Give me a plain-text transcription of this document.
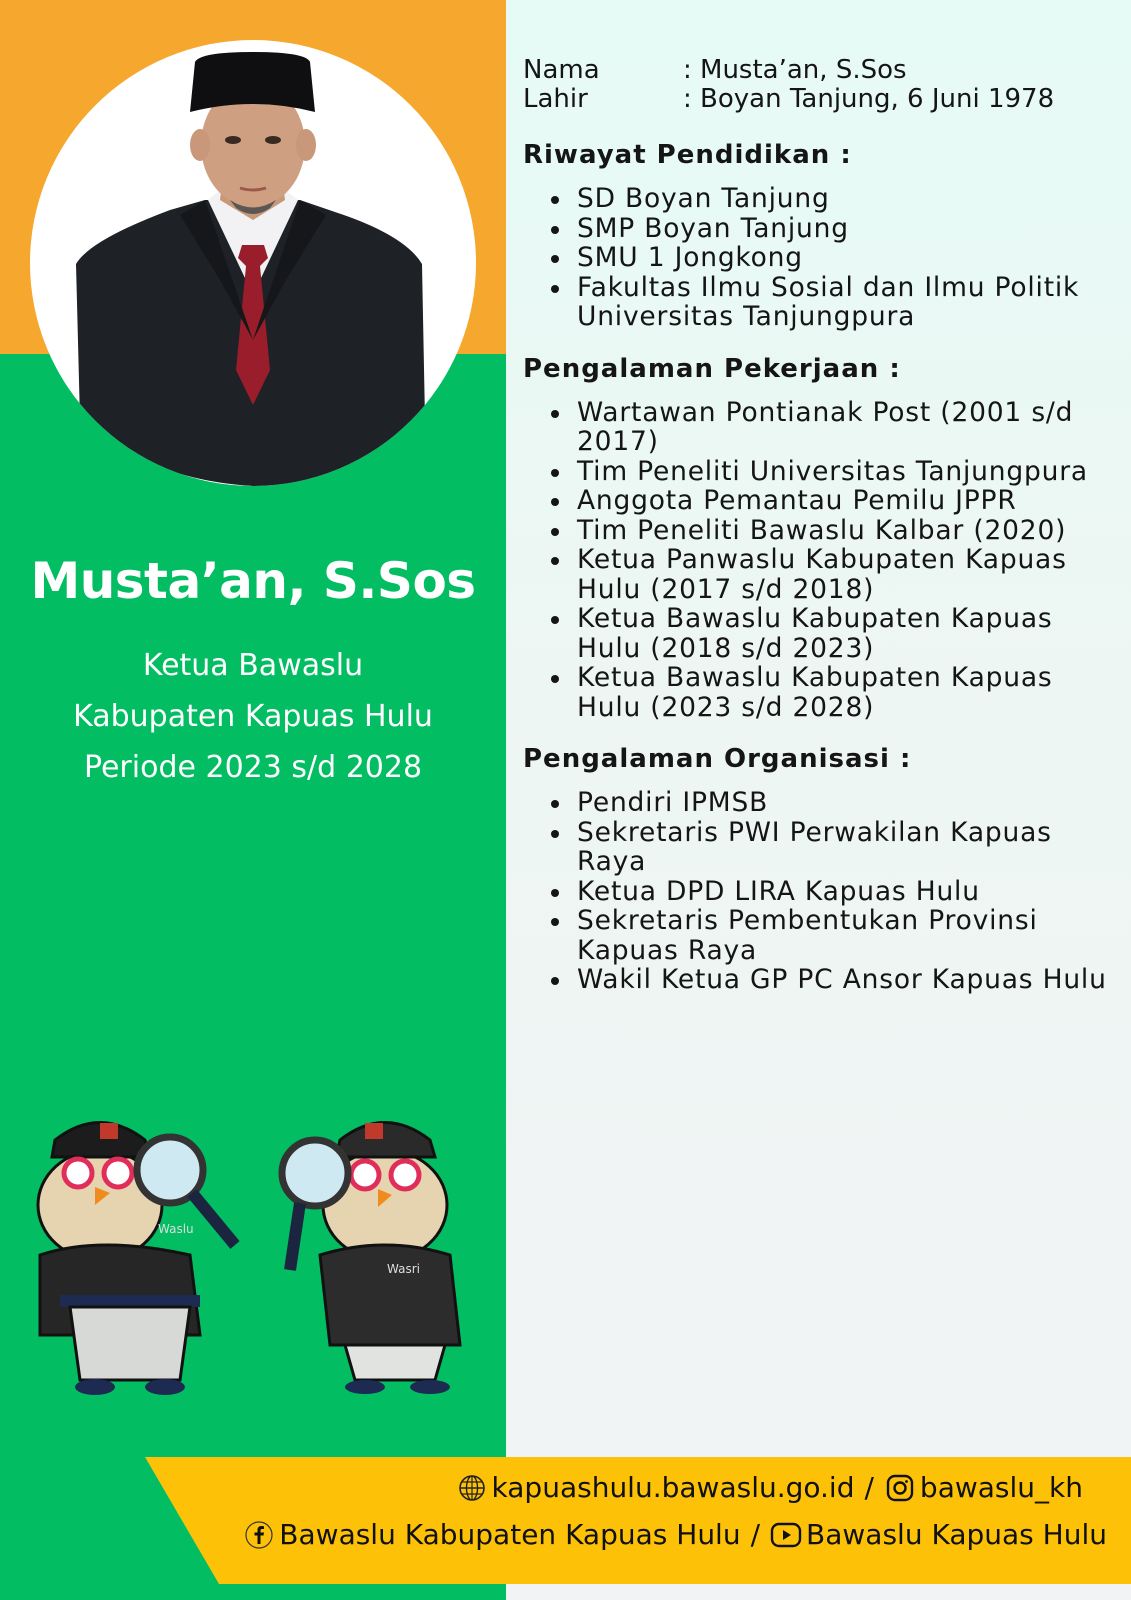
Musta’an, S.Sos
Ketua Bawaslu
Kabupaten Kapuas Hulu
Periode 2023 s/d 2028
Waslu
Wasri
Nama	: Musta’an, S.Sos
Lahir	: Boyan Tanjung, 6 Juni 1978
Riwayat Pendidikan :
SD Boyan Tanjung
SMP Boyan Tanjung
SMU 1 Jongkong
Fakultas Ilmu Sosial dan Ilmu Politik Universitas Tanjungpura
Pengalaman Pekerjaan :
Wartawan Pontianak Post (2001 s/d 2017)
Tim Peneliti Universitas Tanjungpura
Anggota Pemantau Pemilu JPPR
Tim Peneliti Bawaslu Kalbar (2020)
Ketua Panwaslu Kabupaten Kapuas Hulu (2017 s/d 2018)
Ketua Bawaslu Kabupaten Kapuas Hulu (2018 s/d 2023)
Ketua Bawaslu Kabupaten Kapuas Hulu (2023 s/d 2028)
Pengalaman Organisasi :
Pendiri IPMSB
Sekretaris PWI Perwakilan Kapuas Raya
Ketua DPD LIRA Kapuas Hulu
Sekretaris Pembentukan Provinsi Kapuas Raya
Wakil Ketua GP PC Ansor Kapuas Hulu
kapuashulu.bawaslu.go.id / bawaslu_kh
Bawaslu Kabupaten Kapuas Hulu / Bawaslu Kapuas Hulu
